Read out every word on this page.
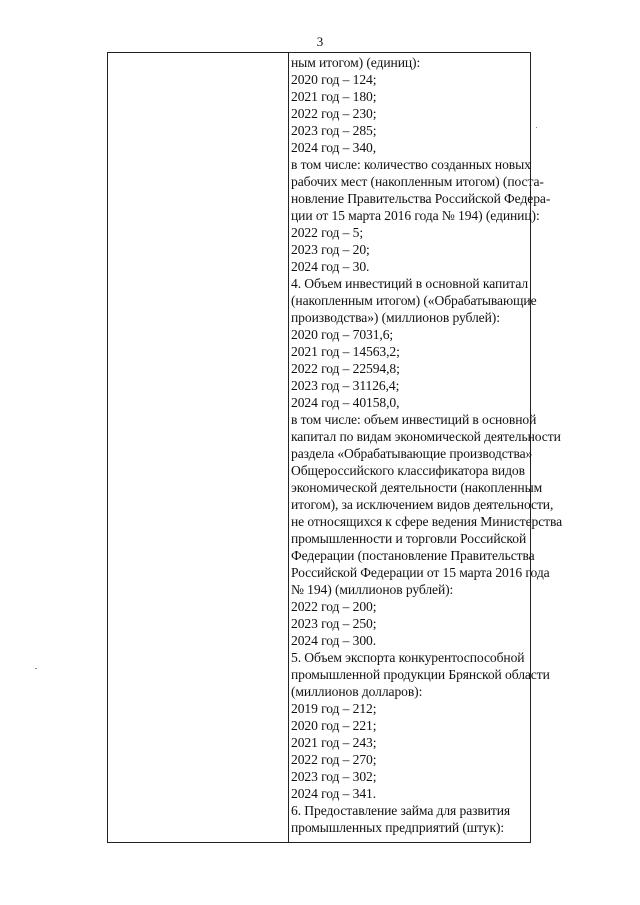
3
ным итогом) (единиц):
2020 год – 124;
2021 год – 180;
2022 год – 230;
2023 год – 285;
2024 год – 340,
в том числе: количество созданных новых
рабочих мест (накопленным итогом) (поста-
новление Правительства Российской Федера-
ции от 15 марта 2016 года № 194) (единиц):
2022 год – 5;
2023 год – 20;
2024 год – 30.
4. Объем инвестиций в основной капитал
(накопленным итогом) («Обрабатывающие
производства») (миллионов рублей):
2020 год – 7031,6;
2021 год – 14563,2;
2022 год – 22594,8;
2023 год – 31126,4;
2024 год – 40158,0,
в том числе: объем инвестиций в основной
капитал по видам экономической деятельности
раздела «Обрабатывающие производства»
Общероссийского классификатора видов
экономической деятельности (накопленным
итогом), за исключением видов деятельности,
не относящихся к сфере ведения Министерства
промышленности и торговли Российской
Федерации (постановление Правительства
Российской Федерации от 15 марта 2016 года
№ 194) (миллионов рублей):
2022 год – 200;
2023 год – 250;
2024 год – 300.
5. Объем экспорта конкурентоспособной
промышленной продукции Брянской области
(миллионов долларов):
2019 год – 212;
2020 год – 221;
2021 год – 243;
2022 год – 270;
2023 год – 302;
2024 год – 341.
6. Предоставление займа для развития
промышленных предприятий (штук):
